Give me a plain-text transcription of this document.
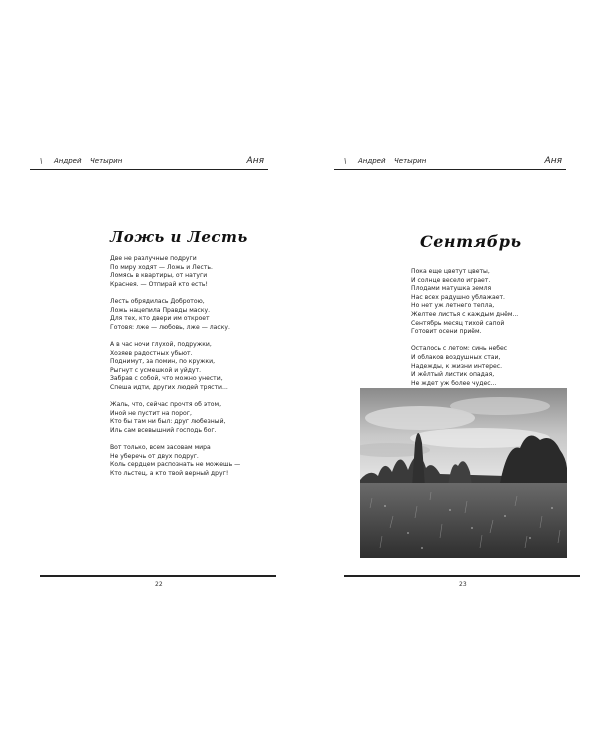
\ Андрей Четырин	Аня
Ложь и Лесть
Две не разлучные подруги
По миру ходят — Ложь и Лесть.
Ломясь в квартиры, от натуги
Краснея. — Отпирай кто есть!
Лесть обрядилась Добротою,
Ложь нацепила Правды маску.
Для тех, кто двери им откроет
Готовя: лже — любовь, лже — ласку.
А в час ночи глухой, подружки,
Хозяев радостных убьют.
Поднимут, за помин, по кружки,
Рыгнут с усмешкой и уйдут.
Забрав с собой, что можно унести,
Спеша идти, других людей трясти...
Жаль, что, сейчас прочтя об этом,
Иной не пустит на порог,
Кто бы там ни был: друг любезный,
Иль сам всевышний господь бог.
Вот только, всем засовам мира
Не уберечь от двух подруг.
Коль сердцем распознать не можешь —
Кто льстец, а кто твой верный друг!
22
\ Андрей Четырин	Аня
Сентябрь
Пока еще цветут цветы,
И солнце весело играет.
Плодами матушка земля
Нас всех радушно ублажает.
Но нет уж летнего тепла,
Желтее листья с каждым днём...
Сентябрь месяц тихой сапой
Готовит осени приём.
Осталось с летом: синь небес
И облаков воздушных стаи,
Надежды, к жизни интерес.
И жёлтый листик опадая,
Не ждет уж более чудес...
23
